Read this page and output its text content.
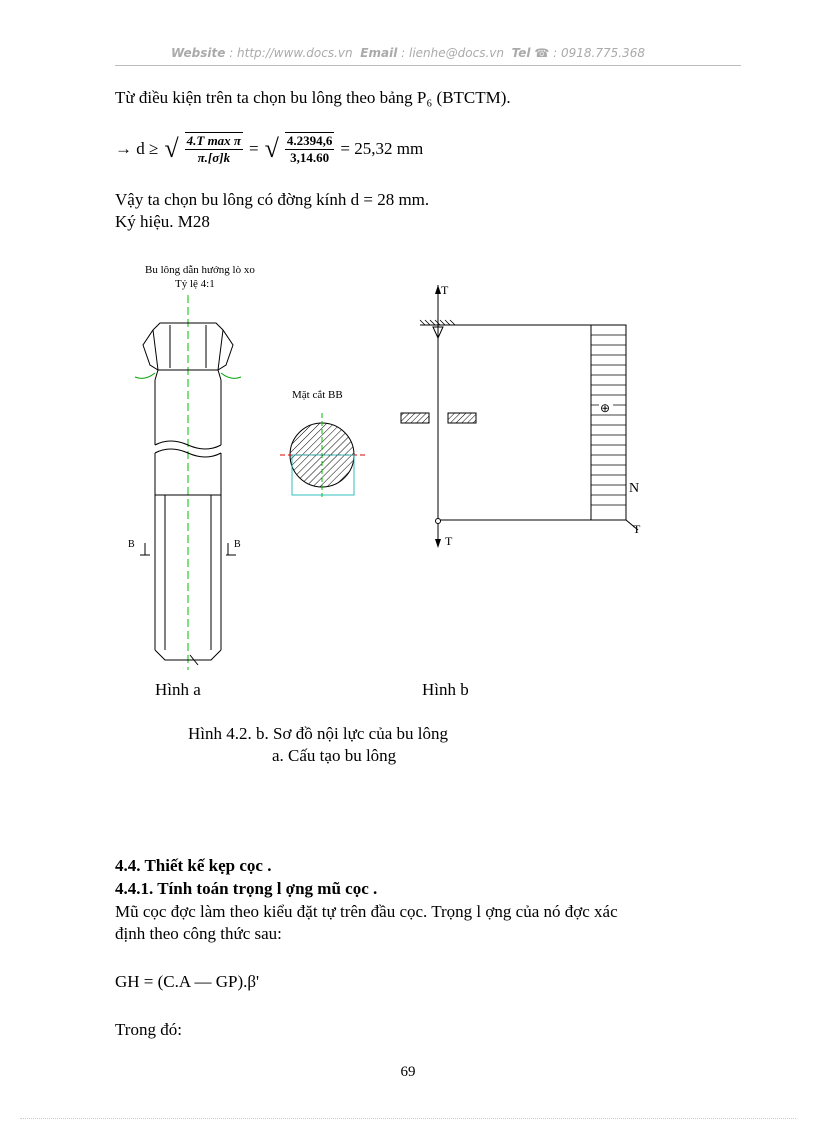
Website : http://www.docs.vn Email : lienhe@docs.vn Tel ☎ : 0918.775.368
Từ điều kiện trên ta chọn bu lông theo bảng P₆ (BTCTM).
→ d ≥ √ $\frac{\text{4.T max π}}{\pi.[\sigma]k}$ = √ $\frac{4.2394,6}{3,14.60} = 25,32$ mm
Vậy ta chọn bu lông có đờng kính d = 28 mm.
Ký hiệu. M28
Bu lông dẫn hướng lò xo
Tỷ lệ 4:1
B	B
Mặt cắt BB
Hình a
T
⊕
N
T
T
Hình b
Hình 4.2. b. Sơ đồ nội lực của bu lông
a. Cấu tạo bu lông
4.4. Thiết kế kẹp cọc .
4.4.1. Tính toán trọng l ợng mũ cọc .
Mũ cọc đợc làm theo kiểu đặt tự trên đầu cọc. Trọng l ợng của nó đợc xác
định theo công thức sau:
GH = (C.A — GP).β'
Trong đó:
69
